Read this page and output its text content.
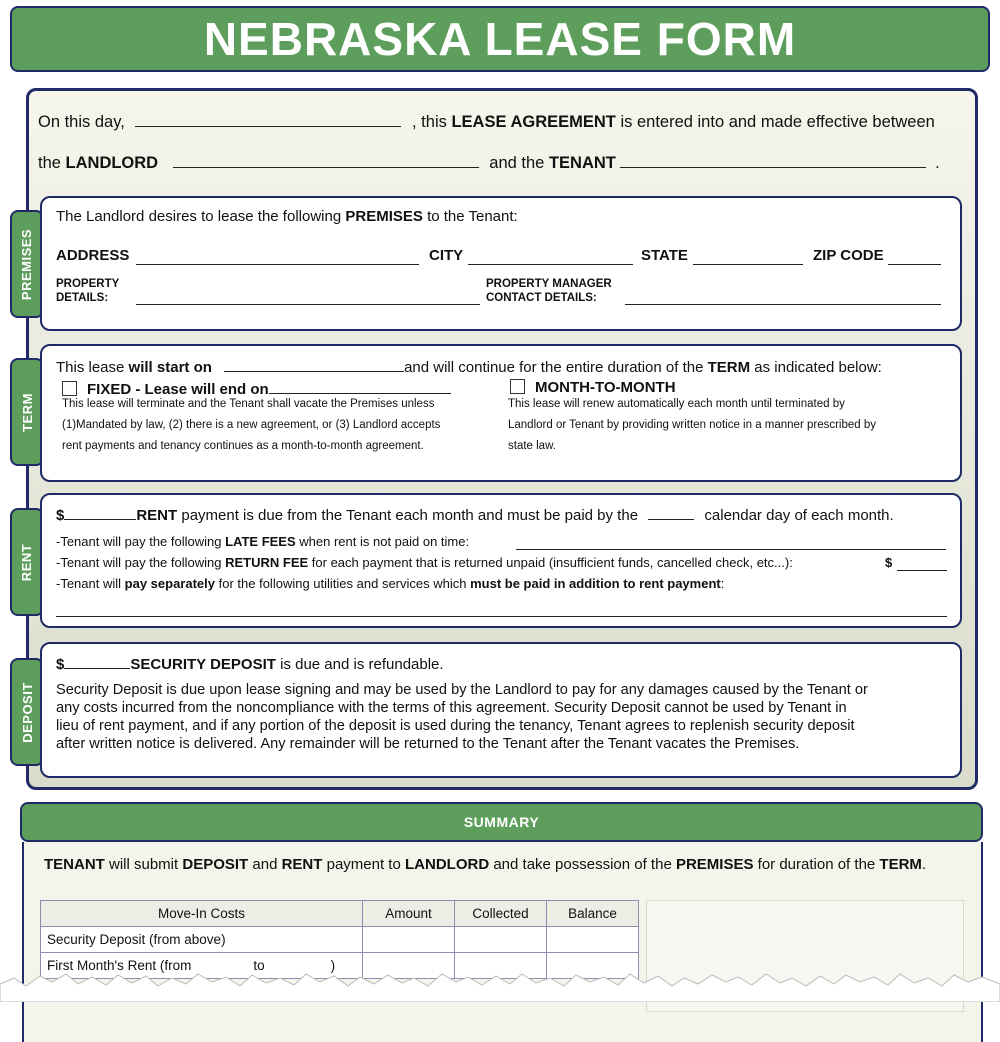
NEBRASKA LEASE FORM
On this day,	, this LEASE AGREEMENT is entered into and made effective between
the LANDLORD	and the TENANT	.
PREMISES
The Landlord desires to lease the following PREMISES to the Tenant:
ADDRESS	CITY	STATE	ZIP CODE
PROPERTY
DETAILS:
PROPERTY MANAGER
CONTACT DETAILS:
TERM
This lease will start on	and will continue for the entire duration of the TERM as indicated below:
FIXED - Lease will end on
This lease will terminate and the Tenant shall vacate the Premises unless
(1)Mandated by law, (2) there is a new agreement, or (3) Landlord accepts
rent payments and tenancy continues as a month-to-month agreement.
MONTH-TO-MONTH
This lease will renew automatically each month until terminated by
Landlord or Tenant by providing written notice in a manner prescribed by
state law.
RENT
$	RENT payment is due from the Tenant each month and must be paid by the	calendar day of each month.
-Tenant will pay the following LATE FEES when rent is not paid on time:
-Tenant will pay the following RETURN FEE for each payment that is returned unpaid (insufficient funds, cancelled check, etc...):	$
-Tenant will pay separately for the following utilities and services which must be paid in addition to rent payment:
DEPOSIT
$	SECURITY DEPOSIT is due and is refundable.
Security Deposit is due upon lease signing and may be used by the Landlord to pay for any damages caused by the Tenant or
any costs incurred from the noncompliance with the terms of this agreement. Security Deposit cannot be used by Tenant in
lieu of rent payment, and if any portion of the deposit is used during the tenancy, Tenant agrees to replenish security deposit
after written notice is delivered. Any remainder will be returned to the Tenant after the Tenant vacates the Premises.
SUMMARY
TENANT will submit DEPOSIT and RENT payment to LANDLORD and take possession of the PREMISES for duration of the TERM.
Move-In Costs	Amount	Collected	Balance
Security Deposit (from above)			
First Month's Rent (from to )			
